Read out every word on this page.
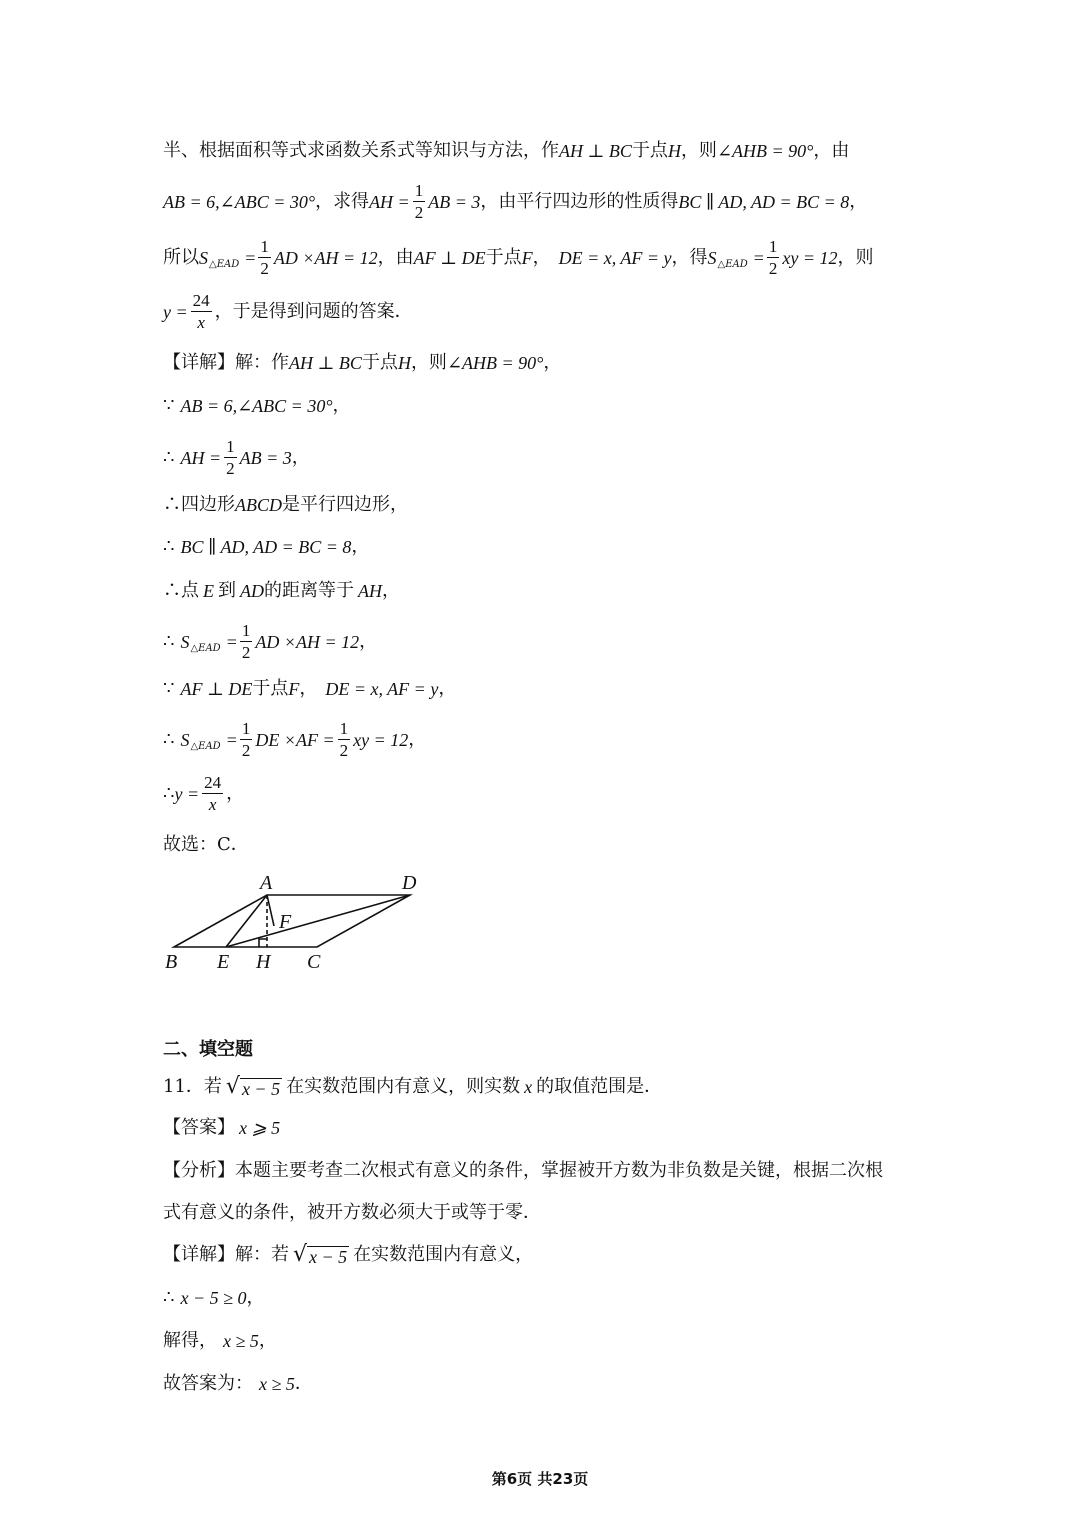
半、根据面积等式求函数关系式等知识与方法，作 AH ⊥ BC 于点 H ，则 ∠AHB = 90° ，由
AB = 6,∠ABC = 30° ，求得 AH = $\frac{1}{2}$ AB = 3 ，由平行四边形的性质得 BC ∥ AD, AD = BC = 8 ，
所以 S △EAD = $\frac{1}{2}$ AD ×AH = 12 ，由 AF ⊥ DE 于点 F ， DE = x, AF = y ，得 S △EAD = $\frac{1}{2}$ xy = 12 ，则
$y = \frac{24}{x}$ ，于是得到问题的答案．
【详解】解：作 AH ⊥ BC 于点 H ，则 ∠AHB = 90° ，
∵ AB = 6,∠ABC = 30° ，
∴ AH = $\frac{1}{2}$ AB = 3 ，
∴四边形 ABCD 是平行四边形，
∴ BC ∥ AD, AD = BC = 8 ，
∴点 E 到 AD 的距离等于 AH ，
∴ S △EAD = $\frac{1}{2}$ AD ×AH = 12 ，
∵ AF ⊥ DE 于点 F ， DE = x, AF = y ，
∴ S △EAD = $\frac{1}{2}$ DE $\times AF = \frac{1}{2}$ xy = 12 ，
∴ $y = \frac{24}{x}$ ，
故选：C．
A	D
F
B E H C
二、填空题
11．若 √ x − 5 在实数范围内有意义，则实数 x 的取值范围是．
【答案】 x ⩾ 5
【分析】本题主要考查二次根式有意义的条件，掌握被开方数为非负数是关键，根据二次根
式有意义的条件，被开方数必须大于或等于零．
【详解】解：若 √ x − 5 在实数范围内有意义，
∴ x − 5 ≥ 0 ，
解得， x ≥ 5 ，
故答案为： x ≥ 5 ．
第6页 共23页
